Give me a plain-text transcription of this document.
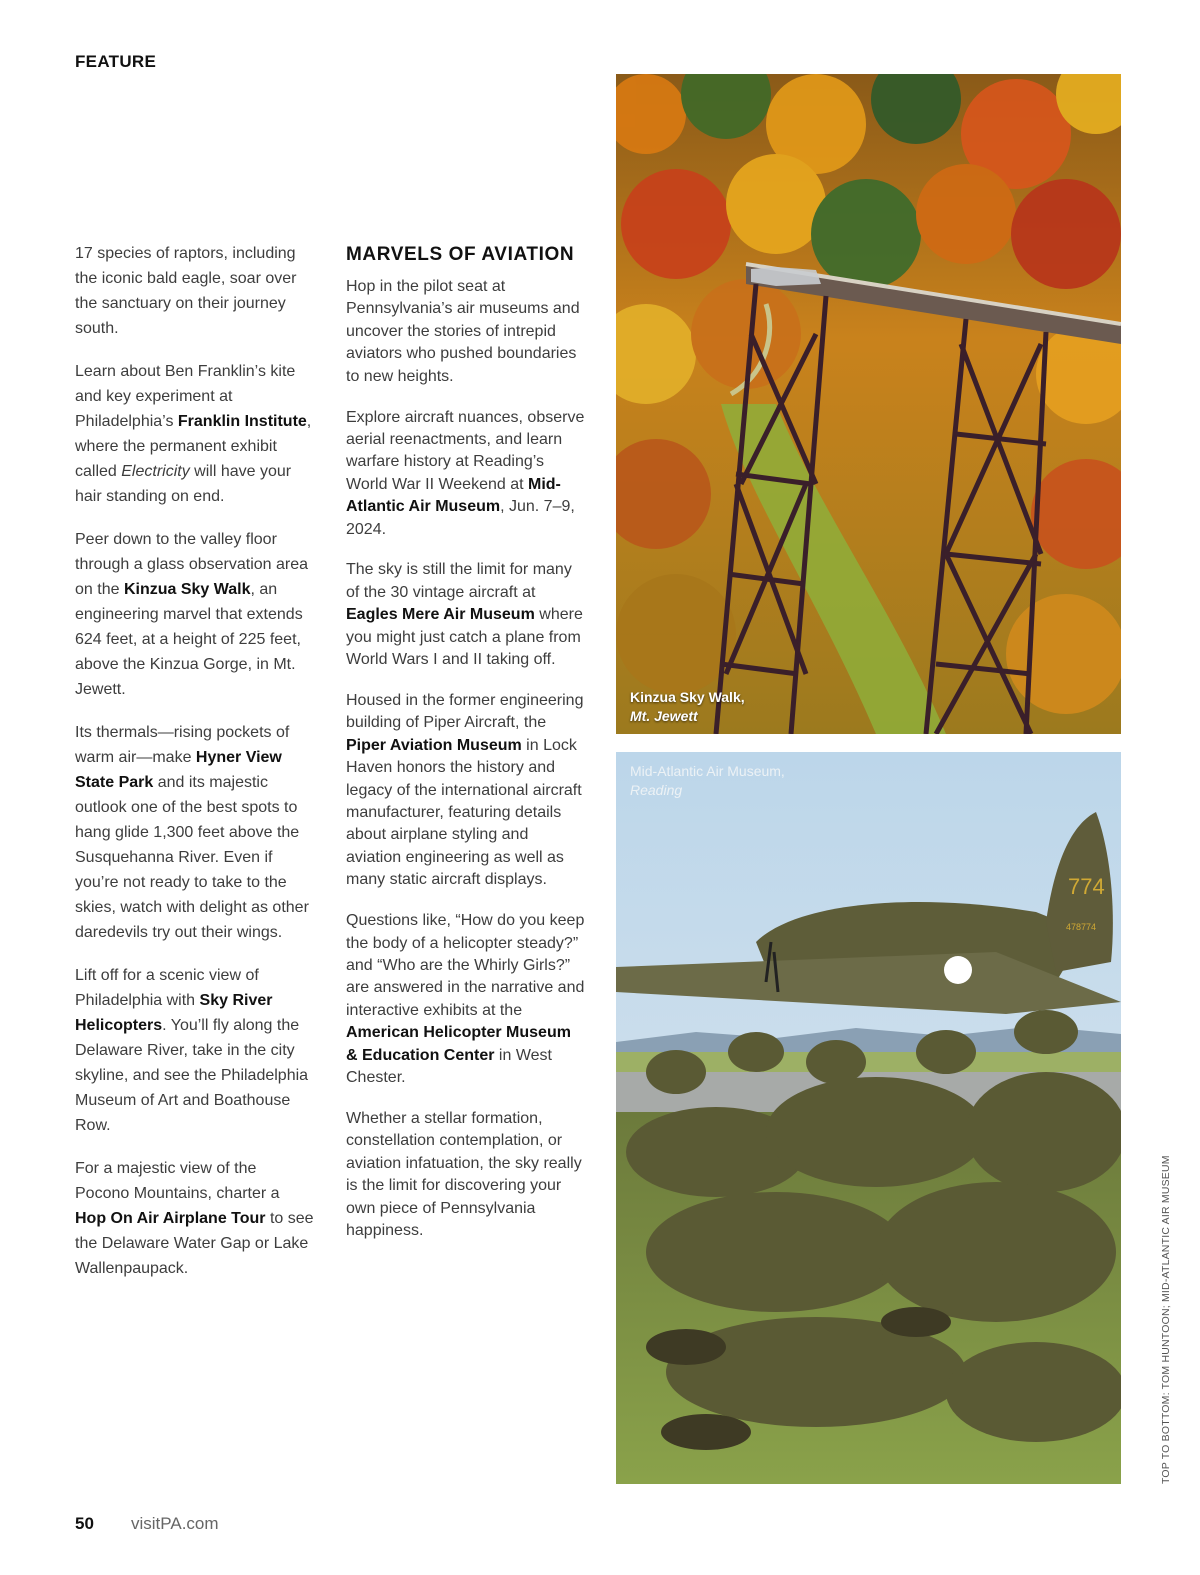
FEATURE

17 species of raptors, including the iconic bald eagle, soar over the sanctuary on their journey south.

Learn about Ben Franklin’s kite and key experiment at Philadelphia’s Franklin Institute, where the permanent exhibit called Electricity will have your hair standing on end.

Peer down to the valley floor through a glass observation area on the Kinzua Sky Walk, an engineering marvel that extends 624 feet, at a height of 225 feet, above the Kinzua Gorge, in Mt. Jewett.

Its thermals—rising pockets of warm air—make Hyner View State Park and its majestic outlook one of the best spots to hang glide 1,300 feet above the Susquehanna River. Even if you’re not ready to take to the skies, watch with delight as other daredevils try out their wings.

Lift off for a scenic view of Philadelphia with Sky River Helicopters. You’ll fly along the Delaware River, take in the city skyline, and see the Philadelphia Museum of Art and Boathouse Row.

For a majestic view of the Pocono Mountains, charter a Hop On Air Airplane Tour to see the Delaware Water Gap or Lake Wallenpaupack.

MARVELS OF AVIATION

Hop in the pilot seat at Pennsylvania’s air museums and uncover the stories of intrepid aviators who pushed boundaries to new heights.

Explore aircraft nuances, observe aerial reenactments, and learn warfare history at Reading’s World War II Weekend at Mid-Atlantic Air Museum, Jun. 7–9, 2024.

The sky is still the limit for many of the 30 vintage aircraft at Eagles Mere Air Museum where you might just catch a plane from World Wars I and II taking off.

Housed in the former engineering building of Piper Aircraft, the Piper Aviation Museum in Lock Haven honors the history and legacy of the international aircraft manufacturer, featuring details about airplane styling and aviation engineering as well as many static aircraft displays.

Questions like, “How do you keep the body of a helicopter steady?” and “Who are the Whirly Girls?” are answered in the narrative and interactive exhibits at the American Helicopter Museum & Education Center in West Chester.

Whether a stellar formation, constellation contemplation, or aviation infatuation, the sky really is the limit for discovering your own piece of Pennsylvania happiness.

Kinzua Sky Walk,
Mt. Jewett
774
478774
Mid-Atlantic Air Museum,
Reading
TOP TO BOTTOM: TOM HUNTOON; MID-ATLANTIC AIR MUSEUM
50 visitPA.com
